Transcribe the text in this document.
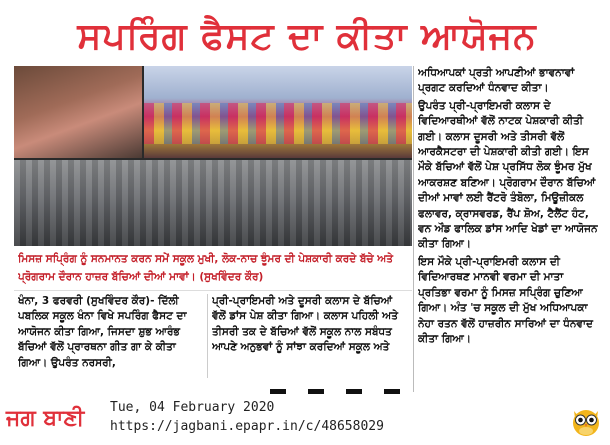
ਸਪਰਿੰਗ ਫੈਸਟ ਦਾ ਕੀਤਾ ਆਯੋਜਨ
ਮਿਸਜ਼ ਸਪ੍ਰਿੰਗ ਨੂੰ ਸਨਮਾਨਤ ਕਰਨ ਸਮੇਂ ਸਕੂਲ ਮੁਖੀ, ਲੋਕ-ਨਾਚ ਝੂੰਮਰ ਦੀ ਪੇਸ਼ਕਾਰੀ ਕਰਦੇ ਬੱਚੇ ਅਤੇ ਪ੍ਰੋਗਰਾਮ ਦੌਰਾਨ ਹਾਜ਼ਰ ਬੱਚਿਆਂ ਦੀਆਂ ਮਾਵਾਂ। (ਸੁਖਵਿੰਦਰ ਕੌਰ)

ਖੰਨਾ, 3 ਫਰਵਰੀ (ਸੁਖਵਿੰਦਰ ਕੌਰ)- ਦਿੱਲੀ ਪਬਲਿਕ ਸਕੂਲ ਖੰਨਾ ਵਿਖੇ ਸਪਰਿੰਗ ਫੈਸਟ ਦਾ ਆਯੋਜਨ ਕੀਤਾ ਗਿਆ, ਜਿਸਦਾ ਸ਼ੁਭ ਆਰੰਭ ਬੱਚਿਆਂ ਵੱਲੋਂ ਪ੍ਰਾਰਥਨਾ ਗੀਤ ਗਾ ਕੇ ਕੀਤਾ ਗਿਆ। ਉਪਰੰਤ ਨਰਸਰੀ,

ਪ੍ਰੀ-ਪ੍ਰਾਇਮਰੀ ਅਤੇ ਦੂਸਰੀ ਕਲਾਸ ਦੇ ਬੱਚਿਆਂ ਵੱਲੋਂ ਡਾਂਸ ਪੇਸ਼ ਕੀਤਾ ਗਿਆ। ਕਲਾਸ ਪਹਿਲੀ ਅਤੇ ਤੀਸਰੀ ਤਕ ਦੇ ਬੱਚਿਆਂ ਵੱਲੋਂ ਸਕੂਲ ਨਾਲ ਸਬੰਧਤ ਆਪਣੇ ਅਨੁਭਵਾਂ ਨੂੰ ਸਾਂਝਾ ਕਰਦਿਆਂ ਸਕੂਲ ਅਤੇ

ਅਧਿਆਪਕਾਂ ਪ੍ਰਤੀ ਆਪਣੀਆਂ ਭਾਵਨਾਵਾਂ ਪ੍ਰਗਟ ਕਰਦਿਆਂ ਧੰਨਵਾਦ ਕੀਤਾ।

ਉਪਰੰਤ ਪ੍ਰੀ-ਪ੍ਰਾਇਮਰੀ ਕਲਾਸ ਦੇ ਵਿਦਿਆਰਥੀਆਂ ਵੱਲੋਂ ਨਾਟਕ ਪੇਸ਼ਕਾਰੀ ਕੀਤੀ ਗਈ। ਕਲਾਸ ਦੂਸਰੀ ਅਤੇ ਤੀਸਰੀ ਵੱਲੋਂ ਆਰਕੈਸਟਰਾ ਦੀ ਪੇਸ਼ਕਾਰੀ ਕੀਤੀ ਗਈ। ਇਸ ਮੌਕੇ ਬੱਚਿਆਂ ਵੱਲੋਂ ਪੇਸ਼ ਪ੍ਰਸਿੱਧ ਲੋਕ ਝੂੰਮਰ ਮੁੱਖ ਆਕਰਸ਼ਣ ਬਣਿਆ। ਪ੍ਰੋਗਰਾਮ ਦੌਰਾਨ ਬੱਚਿਆਂ ਦੀਆਂ ਮਾਵਾਂ ਲਈ ਰੈਂਟਰੋ ਤੰਬੋਲਾ, ਮਿਊਜ਼ੀਕਲ ਫਲਾਵਰ, ਕ੍ਰਾਸਵਰਡ, ਰੈਂਪ ਸ਼ੋਅ, ਟੈਲੈਂਟ ਹੰਟ, ਵਨ ਔਡ ਫਾਲਿਕ ਡਾਂਸ ਆਦਿ ਖੇਡਾਂ ਦਾ ਆਯੋਜਨ ਕੀਤਾ ਗਿਆ।

ਇਸ ਮੌਕੇ ਪ੍ਰੀ-ਪ੍ਰਾਇਮਰੀ ਕਲਾਸ ਦੀ ਵਿਦਿਆਰਥਣ ਮਾਨਵੀ ਵਰਮਾ ਦੀ ਮਾਤਾ ਪ੍ਰਤਿਭਾ ਵਰਮਾ ਨੂੰ ਮਿਸਜ਼ ਸਪ੍ਰਿੰਗ ਚੁਣਿਆ ਗਿਆ। ਅੰਤ 'ਚ ਸਕੂਲ ਦੀ ਮੁੱਖ ਅਧਿਆਪਕਾ ਨੇਹਾ ਰਤਨ ਵੱਲੋਂ ਹਾਜ਼ਰੀਨ ਸਾਰਿਆਂ ਦਾ ਧੰਨਵਾਦ ਕੀਤਾ ਗਿਆ।

ਜਗ ਬਾਣੀ	Tue, 04 February 2020
https://jagbani.epapr.in/c/48658029
